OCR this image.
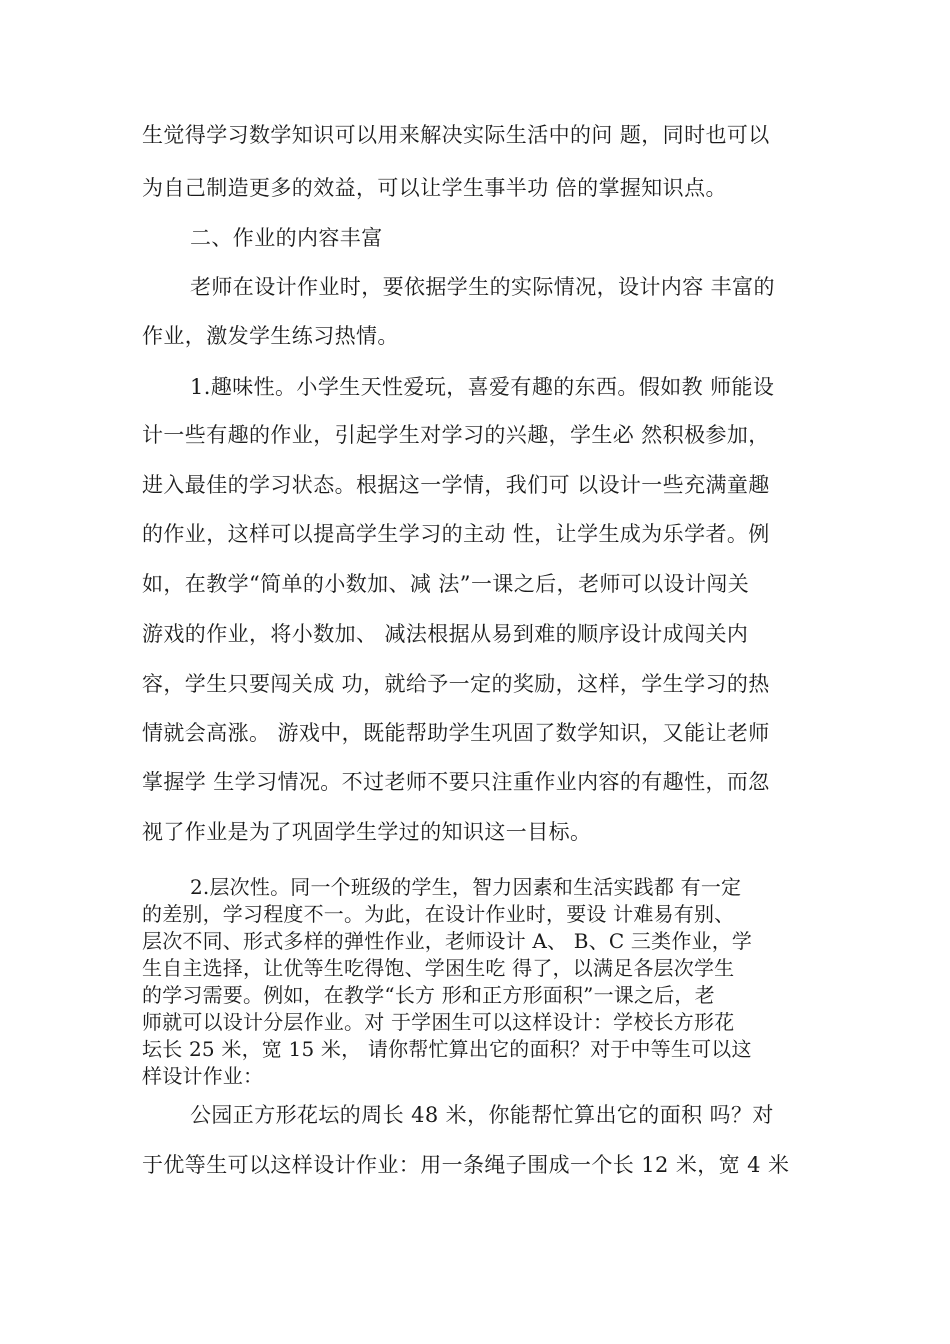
生觉得学习数学知识可以用来解决实际生活中的问 题，同时也可以

为自己制造更多的效益，可以让学生事半功 倍的掌握知识点。

二、作业的内容丰富

老师在设计作业时，要依据学生的实际情况，设计内容 丰富的

作业，激发学生练习热情。

1.趣味性。小学生天性爱玩，喜爱有趣的东西。假如教 师能设

计一些有趣的作业，引起学生对学习的兴趣，学生必 然积极参加，

进入最佳的学习状态。根据这一学情，我们可 以设计一些充满童趣

的作业，这样可以提高学生学习的主动 性，让学生成为乐学者。例

如，在教学“简单的小数加、减 法”一课之后，老师可以设计闯关

游戏的作业，将小数加、 减法根据从易到难的顺序设计成闯关内

容，学生只要闯关成 功，就给予一定的奖励，这样，学生学习的热

情就会高涨。 游戏中，既能帮助学生巩固了数学知识，又能让老师

掌握学 生学习情况。不过老师不要只注重作业内容的有趣性，而忽

视了作业是为了巩固学生学过的知识这一目标。

2.层次性。同一个班级的学生，智力因素和生活实践都 有一定

的差别，学习程度不一。为此，在设计作业时，要设 计难易有别、

层次不同、形式多样的弹性作业，老师设计 A、 B、C 三类作业，学

生自主选择，让优等生吃得饱、学困生吃 得了，以满足各层次学生

的学习需要。例如，在教学“长方 形和正方形面积”一课之后，老

师就可以设计分层作业。对 于学困生可以这样设计：学校长方形花

坛长 25 米，宽 15 米， 请你帮忙算出它的面积？对于中等生可以这

样设计作业：

公园正方形花坛的周长 48 米，你能帮忙算出它的面积 吗？对

于优等生可以这样设计作业：用一条绳子围成一个长 12 米，宽 4 米
